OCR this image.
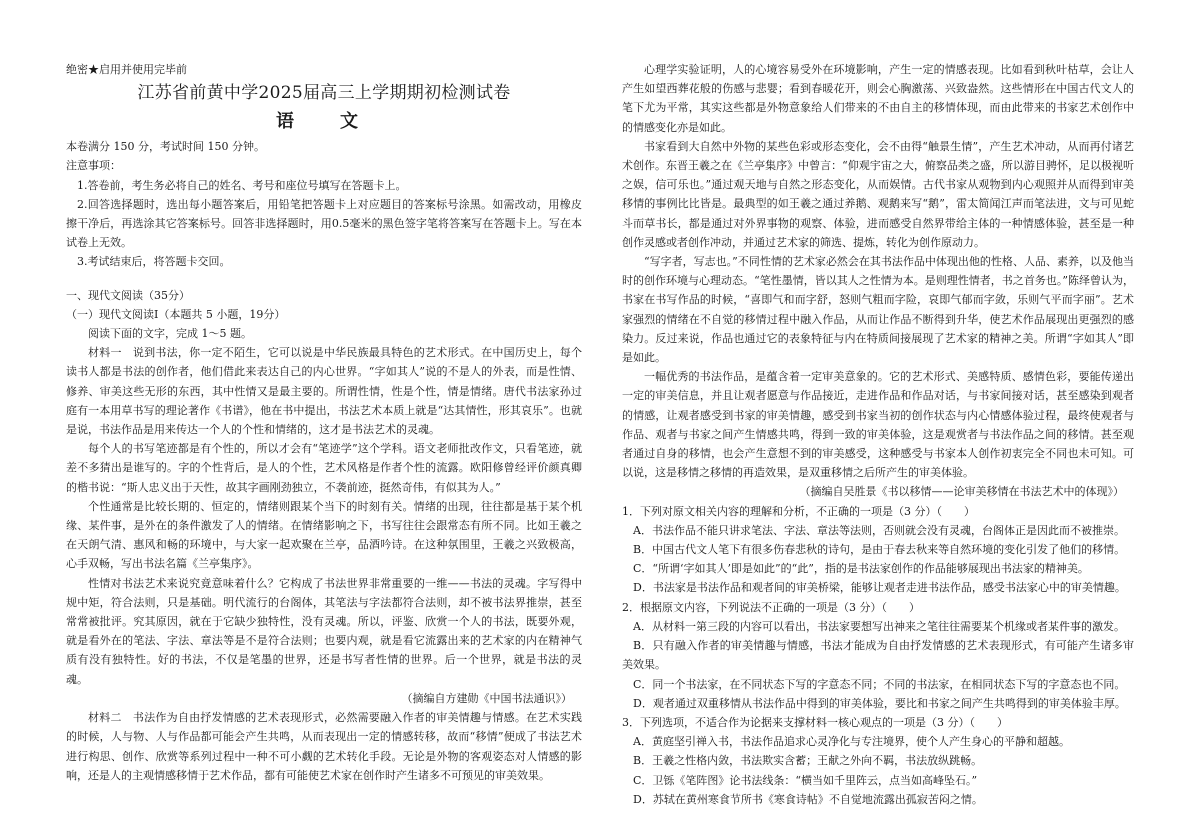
绝密★启用并使用完毕前

江苏省前黄中学2025届高三上学期期初检测试卷

语　文

本卷满分 150 分，考试时间 150 分钟。

注意事项：

1.答卷前，考生务必将自己的姓名、考号和座位号填写在答题卡上。

2.回答选择题时，选出每小题答案后，用铅笔把答题卡上对应题目的答案标号涂黑。如需改动，用橡皮擦干净后，再选涂其它答案标号。回答非选择题时，用0.5毫米的黑色签字笔将答案写在答题卡上。写在本试卷上无效。

3.考试结束后，将答题卡交回。

一、现代文阅读（35分）

（一）现代文阅读Ⅰ（本题共 5 小题，19分）

阅读下面的文字，完成 1～5 题。

材料一　说到书法，你一定不陌生，它可以说是中华民族最具特色的艺术形式。在中国历史上，每个读书人都是书法的创作者，他们借此来表达自己的内心世界。“字如其人”说的不是人的外表，而是性情、修养、审美这些无形的东西，其中性情又是最主要的。所谓性情，性是个性，情是情绪。唐代书法家孙过庭有一本用草书写的理论著作《书谱》，他在书中提出，书法艺术本质上就是“达其情性，形其哀乐”。也就是说，书法作品是用来传达一个人的个性和情绪的，这才是书法艺术的灵魂。

每个人的书写笔迹都是有个性的，所以才会有“笔迹学”这个学科。语文老师批改作文，只看笔迹，就差不多猜出是谁写的。字的个性背后，是人的个性，艺术风格是作者个性的流露。欧阳修曾经评价颜真卿的楷书说：“斯人忠义出于天性，故其字画刚劲独立，不袭前迹，挺然奇伟，有似其为人。”

个性通常是比较长期的、恒定的，情绪则跟某个当下的时刻有关。情绪的出现，往往都是基于某个机缘、某件事，是外在的条件激发了人的情绪。在情绪影响之下，书写往往会跟常态有所不同。比如王羲之在天朗气清、惠风和畅的环境中，与大家一起欢聚在兰亭，品酒吟诗。在这种氛围里，王羲之兴致极高，心手双畅，写出书法名篇《兰亭集序》。

性情对书法艺术来说究竟意味着什么？它构成了书法世界非常重要的一维——书法的灵魂。字写得中规中矩，符合法则，只是基础。明代流行的台阁体，其笔法与字法都符合法则，却不被书法界推崇，甚至常常被批评。究其原因，就在于它缺少独特性，没有灵魂。所以，评鉴、欣赏一个人的书法，既要外观，就是看外在的笔法、字法、章法等是不是符合法则；也要内观，就是看它流露出来的艺术家的内在精神气质有没有独特性。好的书法，不仅是笔墨的世界，还是书写者性情的世界。后一个世界，就是书法的灵魂。

（摘编自方建勋《中国书法通识》）

材料二　书法作为自由抒发情感的艺术表现形式，必然需要融入作者的审美情趣与情感。在艺术实践的时候，人与物、人与作品都可能会产生共鸣，从而表现出一定的情感转移，故而“移情”便成了书法艺术进行构思、创作、欣赏等系列过程中一种不可小觑的艺术转化手段。无论是外物的客观姿态对人情感的影响，还是人的主观情感移情于艺术作品，都有可能使艺术家在创作时产生诸多不可预见的审美效果。

心理学实验证明，人的心境容易受外在环境影响，产生一定的情感表现。比如看到秋叶枯草，会让人产生如望西葬花般的伤感与悲婴；看到春暖花开，则会心胸激荡、兴致盎然。这些情形在中国古代文人的笔下尤为平常，其实这些都是外物意象给人们带来的不由自主的移情体现，而由此带来的书家艺术创作中的情感变化亦是如此。

书家看到大自然中外物的某些色彩或形态变化，会不由得“触景生情”，产生艺术冲动，从而再付诸艺术创作。东晋王羲之在《兰亭集序》中曾言：“仰观宇宙之大，俯察品类之盛，所以游目骋怀，足以极视听之娱，信可乐也。”通过观天地与自然之形态变化，从而娱情。古代书家从观物到内心观照并从而得到审美移情的事例比比皆是。最典型的如王羲之通过养鹅、观鹅来写“鹅”，雷太简闻江声而笔法进，文与可见蛇斗而草书长，都是通过对外界事物的观察、体验，进而感受自然界带给主体的一种情感体验，甚至是一种创作灵感或者创作冲动，并通过艺术家的筛选、提炼，转化为创作原动力。

“写字者，写志也。”不同性情的艺术家必然会在其书法作品中体现出他的性格、人品、素养，以及他当时的创作环境与心理动态。“笔性墨情，皆以其人之性情为本。是则理性情者，书之首务也。”陈绎曾认为，书家在书写作品的时候，“喜即气和而字舒，怒则气粗而字险，哀即气郁而字敛，乐则气平而字丽”。艺术家强烈的情绪在不自觉的移情过程中融入作品，从而让作品不断得到升华，使艺术作品展现出更强烈的感染力。反过来说，作品也通过它的表象特征与内在特质间接展现了艺术家的精神之美。所谓“字如其人”即是如此。

一幅优秀的书法作品，是蕴含着一定审美意象的。它的艺术形式、美感特质、感情色彩，要能传递出一定的审美信息，并且让观者愿意与作品接近，走进作品和作品对话，与书家间接对话，甚至感染到观者的情感，让观者感受到书家的审美情趣，感受到书家当初的创作状态与内心情感体验过程，最终使观者与作品、观者与书家之间产生情感共鸣，得到一致的审美体验，这是观赏者与书法作品之间的移情。甚至观者通过自身的移情，也会产生意想不到的审美感受，这种感受与书家本人创作初衷完全不同也未可知。可以说，这是移情之移情的再造效果，是双重移情之后所产生的审美体验。

（摘编自吴胜景《书以移情——论审美移情在书法艺术中的体现》）

1．下列对原文相关内容的理解和分析，不正确的一项是（3 分）（　　）

A．书法作品不能只讲求笔法、字法、章法等法则，否则就会没有灵魂，台阁体正是因此而不被推崇。

B．中国古代文人笔下有很多伤春悲秋的诗句，是由于春去秋来等自然环境的变化引发了他们的移情。

C．“所谓‘字如其人’即是如此”的“此”，指的是书法家创作的作品能够展现出书法家的精神美。

D．书法家是书法作品和观者间的审美桥梁，能够让观者走进书法作品，感受书法家心中的审美情趣。

2．根据原文内容，下列说法不正确的一项是（3 分）（　　）

A．从材料一第三段的内容可以看出，书法家要想写出神来之笔往往需要某个机缘或者某件事的激发。

B．只有融入作者的审美情趣与情感，书法才能成为自由抒发情感的艺术表现形式，有可能产生诸多审美效果。

C．同一个书法家，在不同状态下写的字意态不同；不同的书法家，在相同状态下写的字意态也不同。

D．观者通过双重移情从书法作品中得到的审美体验，要比和书家之间产生共鸣得到的审美体验丰厚。

3．下列选项，不适合作为论据来支撑材料一核心观点的一项是（3 分）（　　）

A．黄庭坚引禅入书，书法作品追求心灵净化与专注境界，使个人产生身心的平静和超越。

B．王羲之性格内敛，书法欺实含蓄；王献之外向不羁，书法放纵跳畅。

C．卫铄《笔阵图》论书法线条：“横当如千里阵云，点当如高峰坠石。”

D．苏轼在黄州寒食节所书《寒食诗帖》不自觉地流露出孤寂苦闷之情。
